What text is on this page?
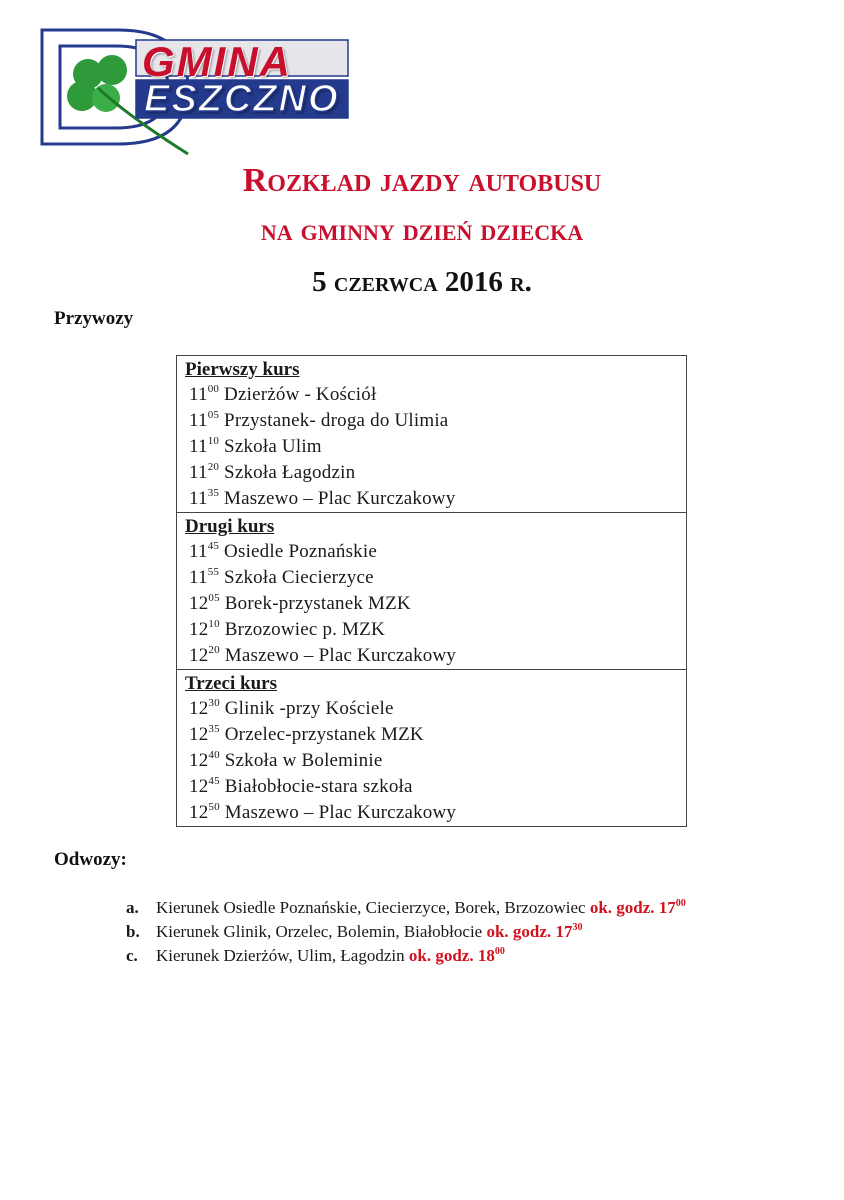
GMINA
ESZCZNO
Rozkład jazdy autobusu
na gminny dzień dziecka
5 czerwca 2016 r.
Przywozy
Pierwszy kurs
$11^{00}$ Dzierżów - Kościół
$11^{05}$ Przystanek- droga do Ulimia
$11^{10}$ Szkoła Ulim
$11^{20}$ Szkoła Łagodzin
$11^{35}$ Maszewo – Plac Kurczakowy
Drugi kurs
$11^{45}$ Osiedle Poznańskie
$11^{55}$ Szkoła Ciecierzyce
$12^{05}$ Borek-przystanek MZK
$12^{10}$ Brzozowiec p. MZK
$12^{20}$ Maszewo – Plac Kurczakowy
Trzeci kurs
$12^{30}$ Glinik -przy Kościele
$12^{35}$ Orzelec-przystanek MZK
$12^{40}$ Szkoła w Boleminie
$12^{45}$ Białobłocie-stara szkoła
$12^{50}$ Maszewo – Plac Kurczakowy
Odwozy:
a. Kierunek Osiedle Poznańskie, Ciecierzyce, Borek, Brzozowiec ok. godz. $17^{00}$
b. Kierunek Glinik, Orzelec, Bolemin, Białobłocie ok. godz. $17^{30}$
c. Kierunek Dzierżów, Ulim, Łagodzin ok. godz. $18^{00}$
